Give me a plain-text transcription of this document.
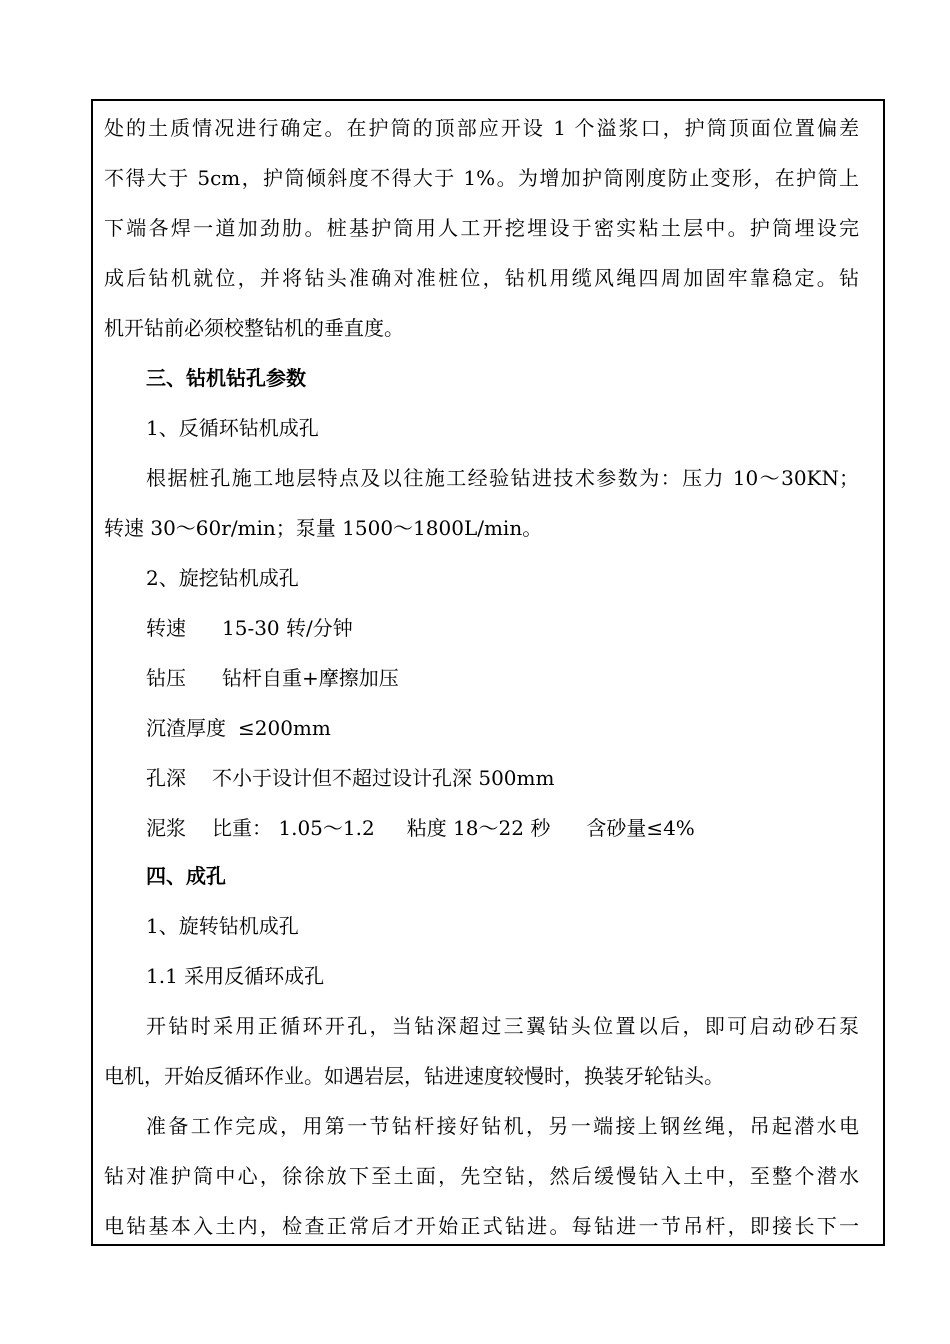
处的土质情况进行确定。在护筒的顶部应开设 1 个溢浆口，护筒顶面位置偏差
不得大于 5cm，护筒倾斜度不得大于 1%。为增加护筒刚度防止变形，在护筒上
下端各焊一道加劲肋。桩基护筒用人工开挖埋设于密实粘土层中。护筒埋设完
成后钻机就位，并将钻头准确对准桩位，钻机用缆风绳四周加固牢靠稳定。钻
机开钻前必须校整钻机的垂直度。
三、钻机钻孔参数
1、反循环钻机成孔
根据桩孔施工地层特点及以往施工经验钻进技术参数为：压力 10～30KN；
转速 30～60r/min；泵量 1500～1800L/min。
2、旋挖钻机成孔
转速 15-30 转/分钟
钻压 钻杆自重+摩擦加压
沉渣厚度 ≤200mm
孔深 不小于设计但不超过设计孔深 500mm
泥浆 比重： 1.05～1.2 粘度 18～22 秒 含砂量≤4%
四、成孔
1、旋转钻机成孔
1.1 采用反循环成孔
开钻时采用正循环开孔，当钻深超过三翼钻头位置以后，即可启动砂石泵
电机，开始反循环作业。如遇岩层，钻进速度较慢时，换装牙轮钻头。
准备工作完成，用第一节钻杆接好钻机，另一端接上钢丝绳，吊起潜水电
钻对准护筒中心，徐徐放下至土面，先空钻，然后缓慢钻入土中，至整个潜水
电钻基本入土内，检查正常后才开始正式钻进。每钻进一节吊杆，即接长下一
